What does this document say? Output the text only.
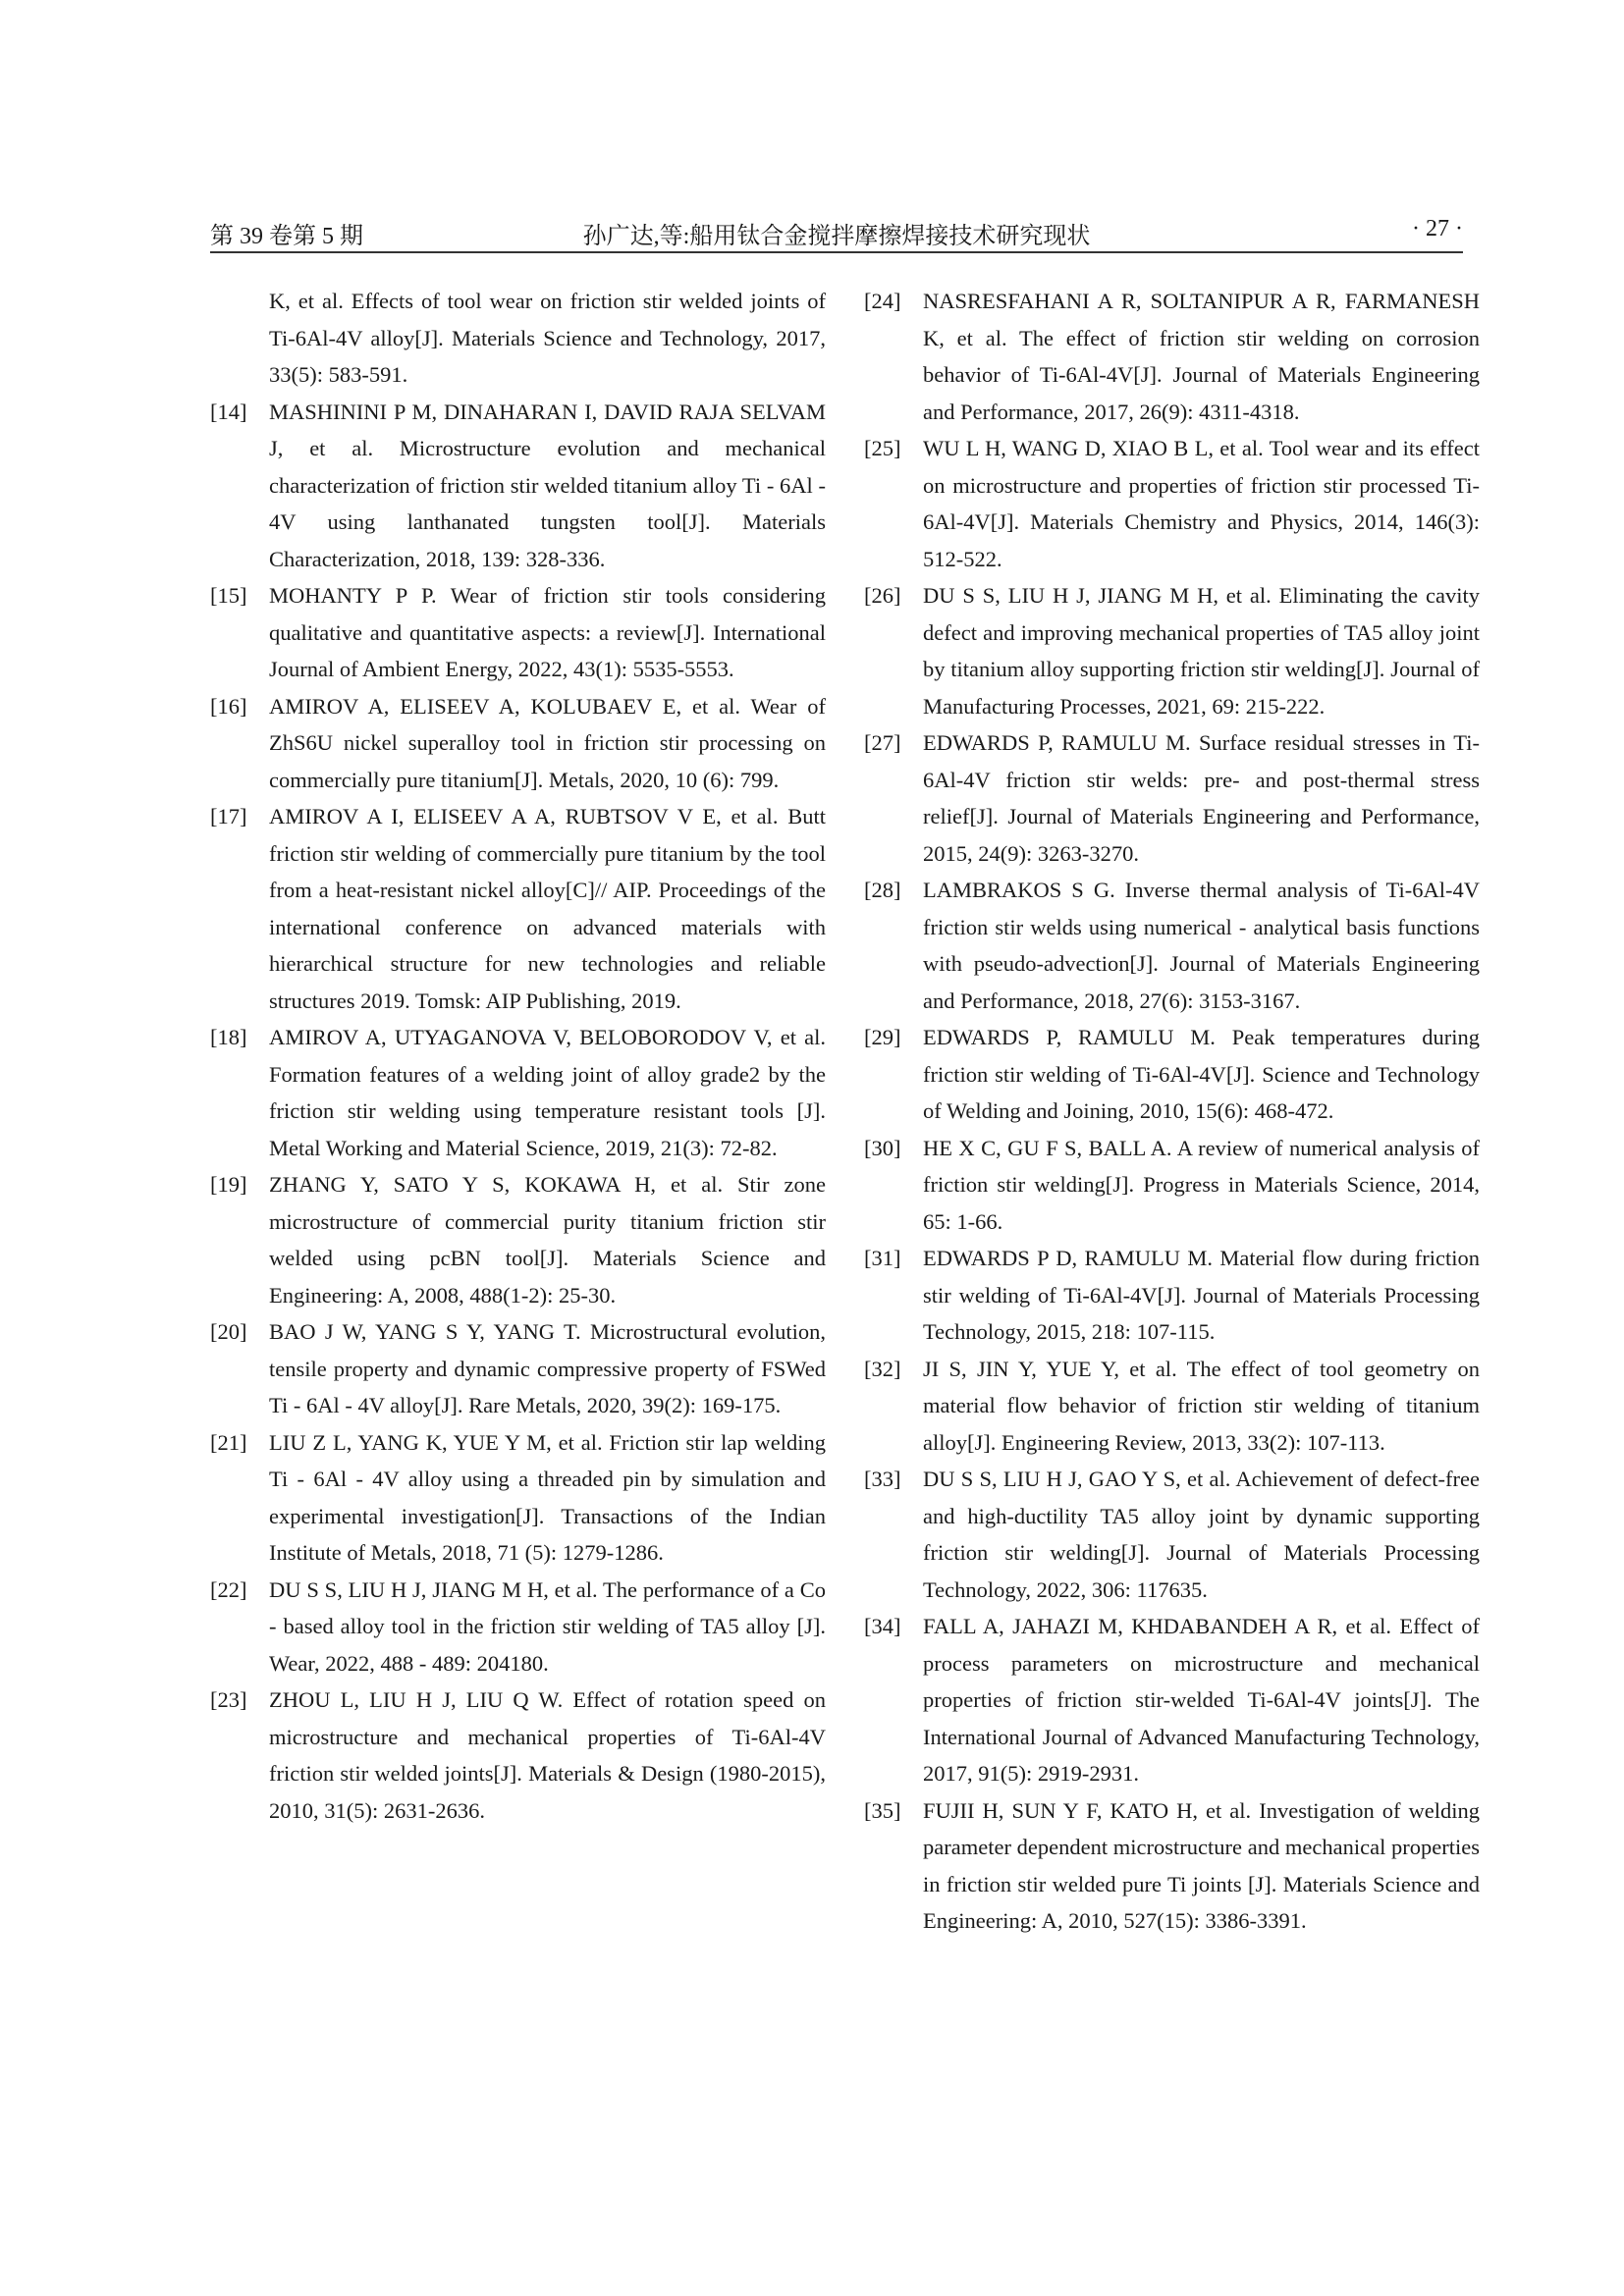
第 39 卷第 5 期	孙广达,等:船用钛合金搅拌摩擦焊接技术研究现状	· 27 ·

K, et al. Effects of tool wear on friction stir welded joints of Ti-6Al-4V alloy[J]. Materials Science and Technology, 2017, 33(5): 583-591.

[14] MASHININI P M, DINAHARAN I, DAVID RAJA SELVAM J, et al. Microstructure evolution and mechanical characterization of friction stir welded titanium alloy Ti - 6Al - 4V using lanthanated tungsten tool[J]. Materials Characterization, 2018, 139: 328-336.

[15] MOHANTY P P. Wear of friction stir tools considering qualitative and quantitative aspects: a review[J]. International Journal of Ambient Energy, 2022, 43(1): 5535-5553.

[16] AMIROV A, ELISEEV A, KOLUBAEV E, et al. Wear of ZhS6U nickel superalloy tool in friction stir processing on commercially pure titanium[J]. Metals, 2020, 10 (6): 799.

[17] AMIROV A I, ELISEEV A A, RUBTSOV V E, et al. Butt friction stir welding of commercially pure titanium by the tool from a heat-resistant nickel alloy[C]// AIP. Proceedings of the international conference on advanced materials with hierarchical structure for new technologies and reliable structures 2019. Tomsk: AIP Publishing, 2019.

[18] AMIROV A, UTYAGANOVA V, BELOBORODOV V, et al. Formation features of a welding joint of alloy grade2 by the friction stir welding using temperature resistant tools [J]. Metal Working and Material Science, 2019, 21(3): 72-82.

[19] ZHANG Y, SATO Y S, KOKAWA H, et al. Stir zone microstructure of commercial purity titanium friction stir welded using pcBN tool[J]. Materials Science and Engineering: A, 2008, 488(1-2): 25-30.

[20] BAO J W, YANG S Y, YANG T. Microstructural evolution, tensile property and dynamic compressive property of FSWed Ti - 6Al - 4V alloy[J]. Rare Metals, 2020, 39(2): 169-175.

[21] LIU Z L, YANG K, YUE Y M, et al. Friction stir lap welding Ti - 6Al - 4V alloy using a threaded pin by simulation and experimental investigation[J]. Transactions of the Indian Institute of Metals, 2018, 71 (5): 1279-1286.

[22] DU S S, LIU H J, JIANG M H, et al. The performance of a Co - based alloy tool in the friction stir welding of TA5 alloy [J]. Wear, 2022, 488 - 489: 204180.

[23] ZHOU L, LIU H J, LIU Q W. Effect of rotation speed on microstructure and mechanical properties of Ti-6Al-4V friction stir welded joints[J]. Materials & Design (1980-2015), 2010, 31(5): 2631-2636.

[24] NASRESFAHANI A R, SOLTANIPUR A R, FARMANESH K, et al. The effect of friction stir welding on corrosion behavior of Ti-6Al-4V[J]. Journal of Materials Engineering and Performance, 2017, 26(9): 4311-4318.

[25] WU L H, WANG D, XIAO B L, et al. Tool wear and its effect on microstructure and properties of friction stir processed Ti-6Al-4V[J]. Materials Chemistry and Physics, 2014, 146(3): 512-522.

[26] DU S S, LIU H J, JIANG M H, et al. Eliminating the cavity defect and improving mechanical properties of TA5 alloy joint by titanium alloy supporting friction stir welding[J]. Journal of Manufacturing Processes, 2021, 69: 215-222.

[27] EDWARDS P, RAMULU M. Surface residual stresses in Ti-6Al-4V friction stir welds: pre- and post-thermal stress relief[J]. Journal of Materials Engineering and Performance, 2015, 24(9): 3263-3270.

[28] LAMBRAKOS S G. Inverse thermal analysis of Ti-6Al-4V friction stir welds using numerical - analytical basis functions with pseudo-advection[J]. Journal of Materials Engineering and Performance, 2018, 27(6): 3153-3167.

[29] EDWARDS P, RAMULU M. Peak temperatures during friction stir welding of Ti-6Al-4V[J]. Science and Technology of Welding and Joining, 2010, 15(6): 468-472.

[30] HE X C, GU F S, BALL A. A review of numerical analysis of friction stir welding[J]. Progress in Materials Science, 2014, 65: 1-66.

[31] EDWARDS P D, RAMULU M. Material flow during friction stir welding of Ti-6Al-4V[J]. Journal of Materials Processing Technology, 2015, 218: 107-115.

[32] JI S, JIN Y, YUE Y, et al. The effect of tool geometry on material flow behavior of friction stir welding of titanium alloy[J]. Engineering Review, 2013, 33(2): 107-113.

[33] DU S S, LIU H J, GAO Y S, et al. Achievement of defect-free and high-ductility TA5 alloy joint by dynamic supporting friction stir welding[J]. Journal of Materials Processing Technology, 2022, 306: 117635.

[34] FALL A, JAHAZI M, KHDABANDEH A R, et al. Effect of process parameters on microstructure and mechanical properties of friction stir-welded Ti-6Al-4V joints[J]. The International Journal of Advanced Manufacturing Technology, 2017, 91(5): 2919-2931.

[35] FUJII H, SUN Y F, KATO H, et al. Investigation of welding parameter dependent microstructure and mechanical properties in friction stir welded pure Ti joints [J]. Materials Science and Engineering: A, 2010, 527(15): 3386-3391.
